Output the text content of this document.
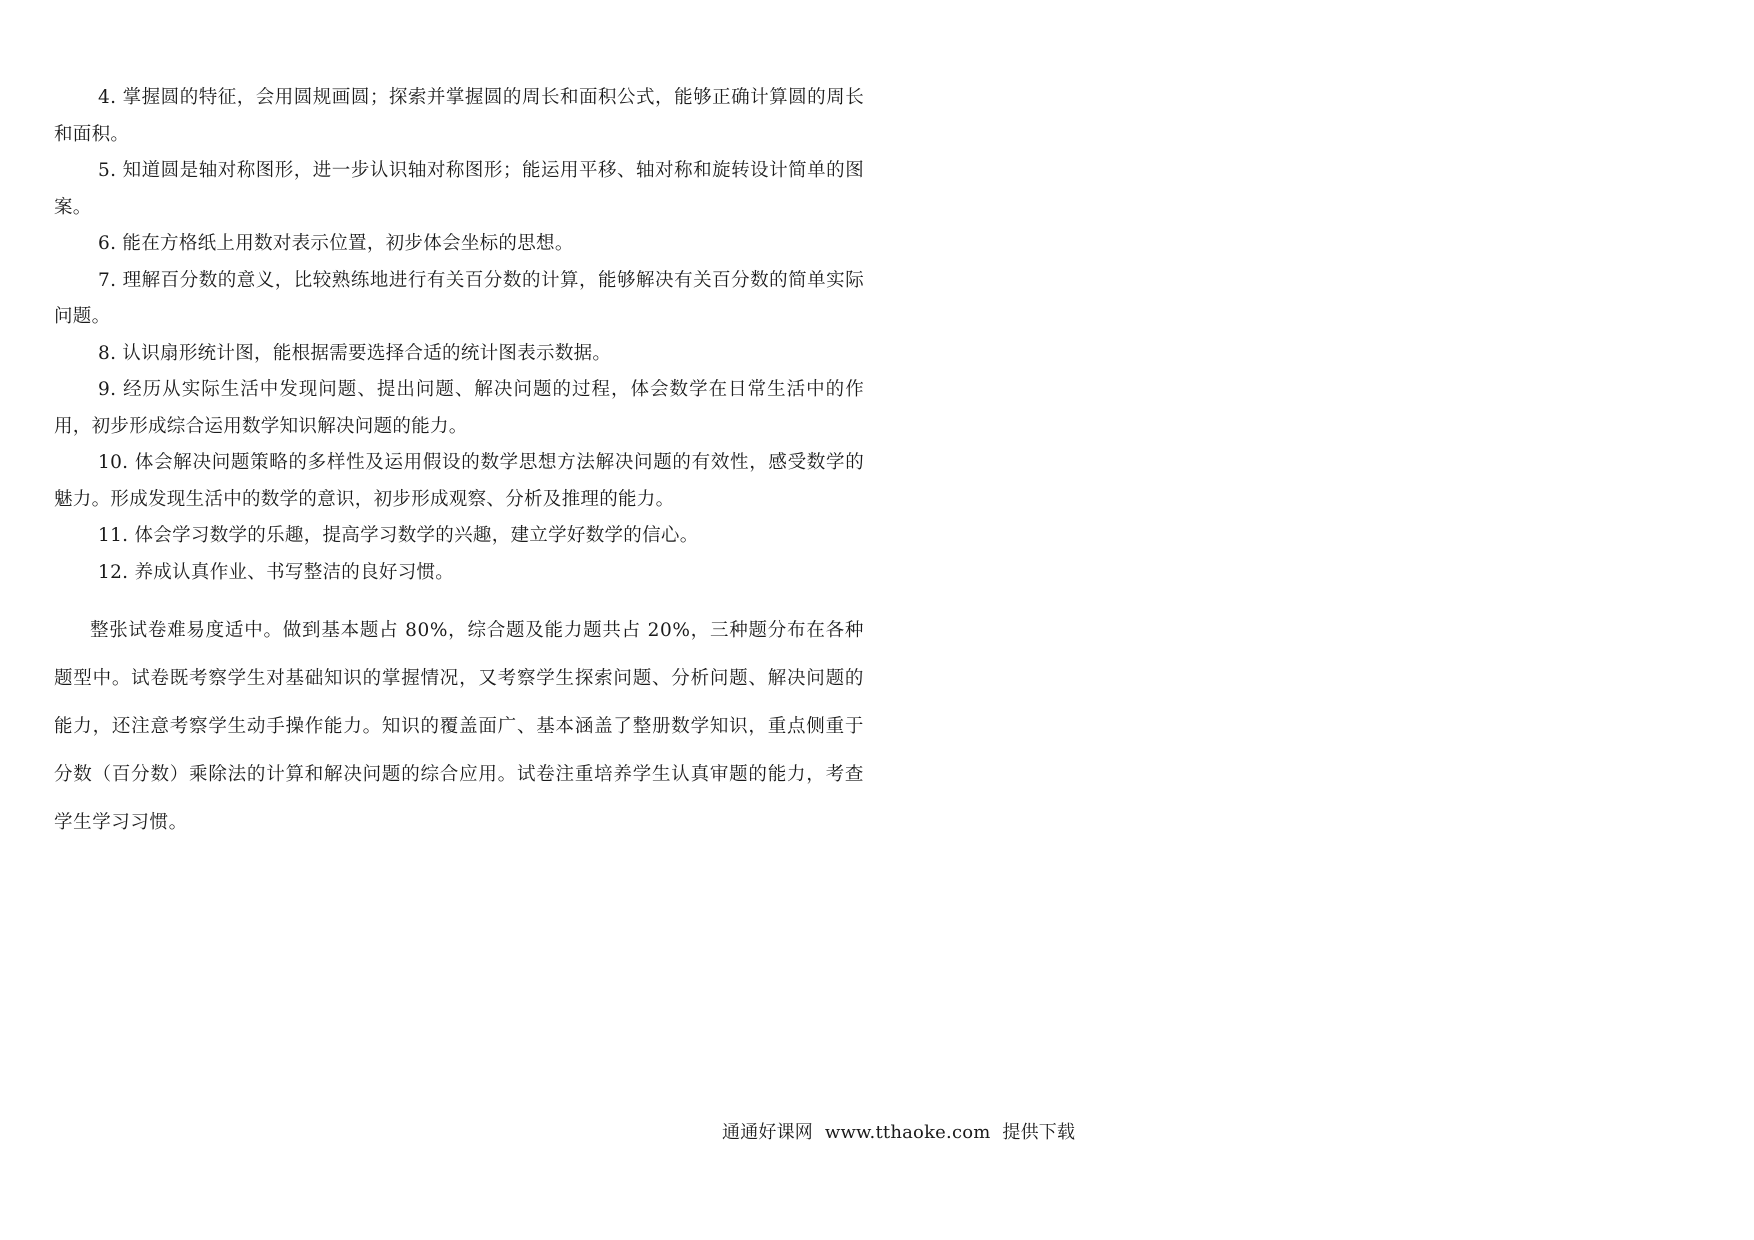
4. 掌握圆的特征，会用圆规画圆；探索并掌握圆的周长和面积公式，能够正确计算圆的周长和面积。

5. 知道圆是轴对称图形，进一步认识轴对称图形；能运用平移、轴对称和旋转设计简单的图案。

6. 能在方格纸上用数对表示位置，初步体会坐标的思想。

7. 理解百分数的意义，比较熟练地进行有关百分数的计算，能够解决有关百分数的简单实际问题。

8. 认识扇形统计图，能根据需要选择合适的统计图表示数据。

9. 经历从实际生活中发现问题、提出问题、解决问题的过程，体会数学在日常生活中的作用，初步形成综合运用数学知识解决问题的能力。

10. 体会解决问题策略的多样性及运用假设的数学思想方法解决问题的有效性，感受数学的魅力。形成发现生活中的数学的意识，初步形成观察、分析及推理的能力。

11. 体会学习数学的乐趣，提高学习数学的兴趣，建立学好数学的信心。

12. 养成认真作业、书写整洁的良好习惯。

整张试卷难易度适中。做到基本题占 80%，综合题及能力题共占 20%，三种题分布在各种题型中。试卷既考察学生对基础知识的掌握情况，又考察学生探索问题、分析问题、解决问题的能力，还注意考察学生动手操作能力。知识的覆盖面广、基本涵盖了整册数学知识，重点侧重于分数（百分数）乘除法的计算和解决问题的综合应用。试卷注重培养学生认真审题的能力，考查学生学习习惯。

通通好课网  www.tthaoke.com  提供下载
